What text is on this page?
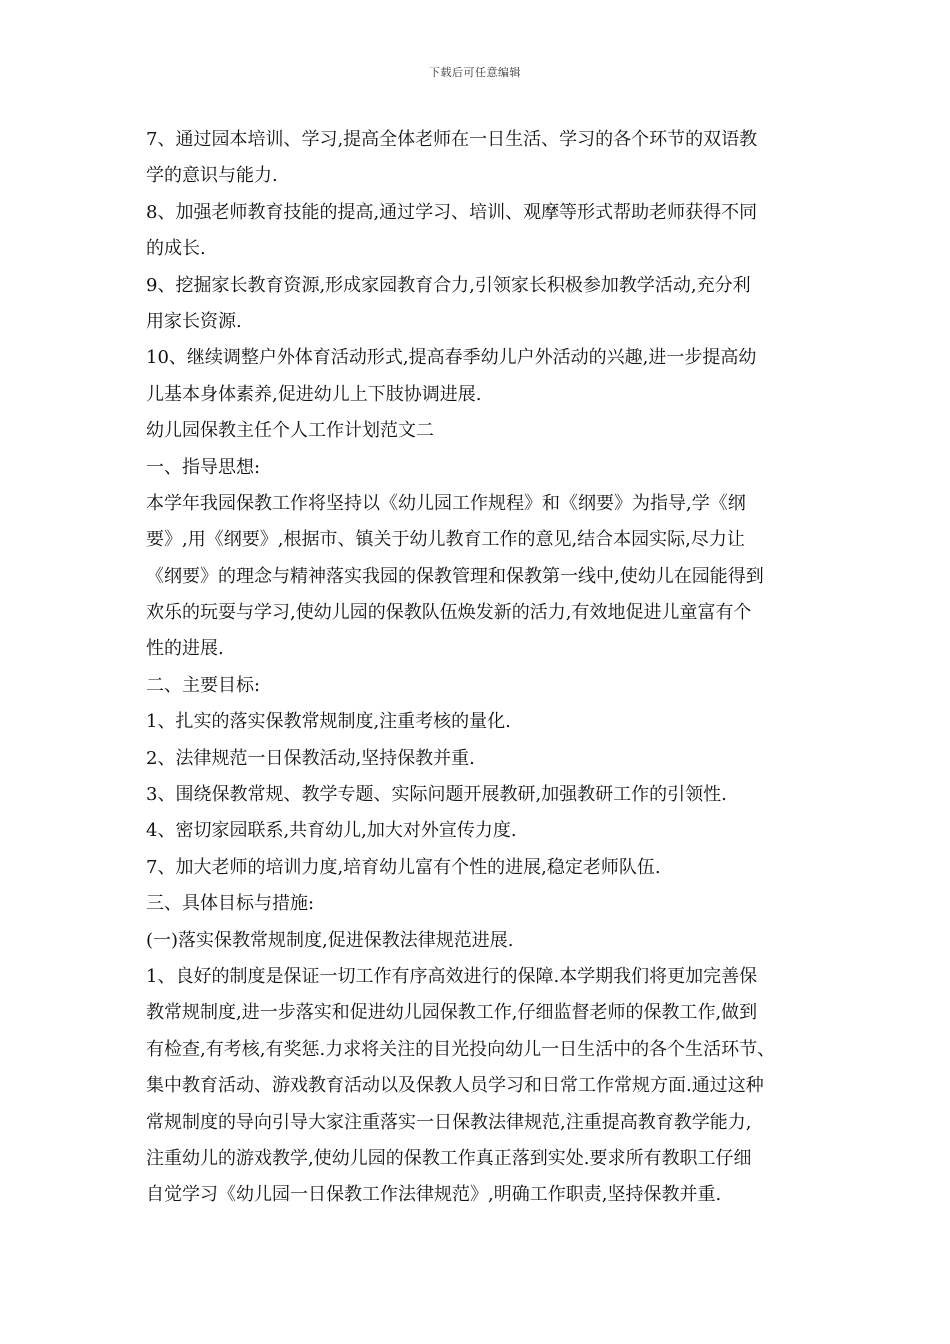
下载后可任意编辑
7、通过园本培训、学习,提高全体老师在一日生活、学习的各个环节的双语教
学的意识与能力.
8、加强老师教育技能的提高,通过学习、培训、观摩等形式帮助老师获得不同
的成长.
9、挖掘家长教育资源,形成家园教育合力,引领家长积极参加教学活动,充分利
用家长资源.
10、继续调整户外体育活动形式,提高春季幼儿户外活动的兴趣,进一步提高幼
儿基本身体素养,促进幼儿上下肢协调进展.
幼儿园保教主任个人工作计划范文二
一、指导思想:
本学年我园保教工作将坚持以《幼儿园工作规程》和《纲要》为指导,学《纲
要》,用《纲要》,根据市、镇关于幼儿教育工作的意见,结合本园实际,尽力让
《纲要》的理念与精神落实我园的保教管理和保教第一线中,使幼儿在园能得到
欢乐的玩耍与学习,使幼儿园的保教队伍焕发新的活力,有效地促进儿童富有个
性的进展.
二、主要目标:
1、扎实的落实保教常规制度,注重考核的量化.
2、法律规范一日保教活动,坚持保教并重.
3、围绕保教常规、教学专题、实际问题开展教研,加强教研工作的引领性.
4、密切家园联系,共育幼儿,加大对外宣传力度.
7、加大老师的培训力度,培育幼儿富有个性的进展,稳定老师队伍.
三、具体目标与措施:
(一)落实保教常规制度,促进保教法律规范进展.
1、良好的制度是保证一切工作有序高效进行的保障.本学期我们将更加完善保
教常规制度,进一步落实和促进幼儿园保教工作,仔细监督老师的保教工作,做到
有检查,有考核,有奖惩.力求将关注的目光投向幼儿一日生活中的各个生活环节、
集中教育活动、游戏教育活动以及保教人员学习和日常工作常规方面.通过这种
常规制度的导向引导大家注重落实一日保教法律规范,注重提高教育教学能力,
注重幼儿的游戏教学,使幼儿园的保教工作真正落到实处.要求所有教职工仔细
自觉学习《幼儿园一日保教工作法律规范》,明确工作职责,坚持保教并重.
